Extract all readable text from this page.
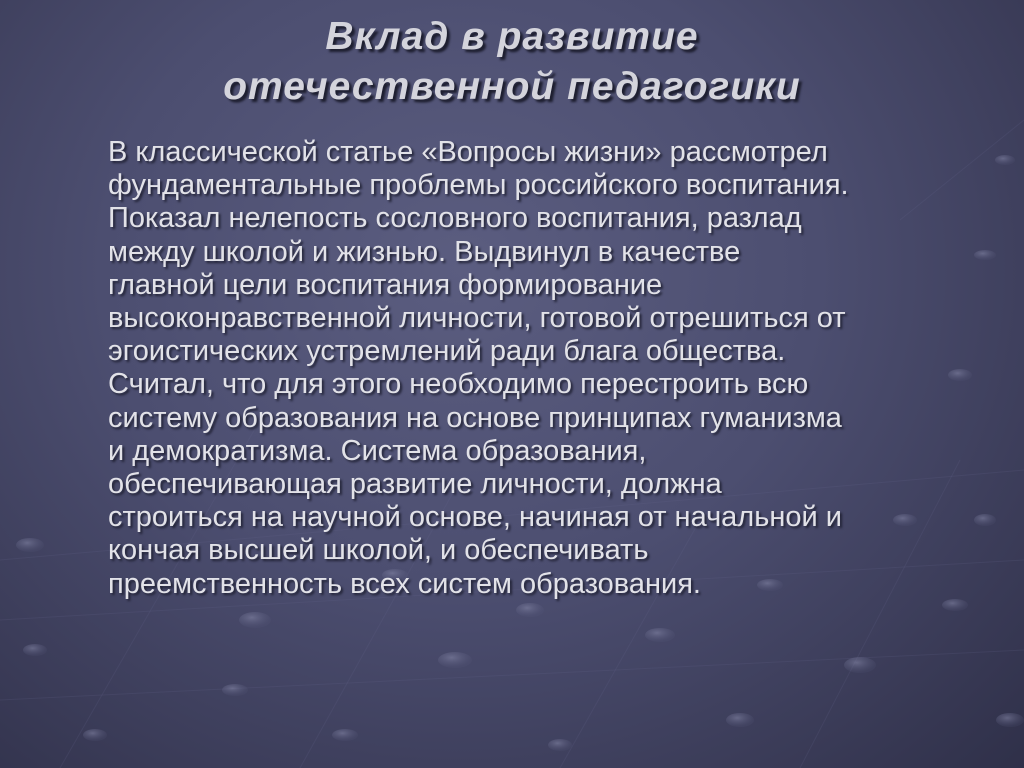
Вклад в развитие
отечественной педагогики
В классической статье «Вопросы жизни» рассмотрел
фундаментальные проблемы российского воспитания.
Показал нелепость сословного воспитания, разлад
между школой и жизнью. Выдвинул в качестве
главной цели воспитания формирование
высоконравственной личности, готовой отрешиться от
эгоистических устремлений ради блага общества.
Считал, что для этого необходимо перестроить всю
систему образования на основе принципах гуманизма
и демократизма. Система образования,
обеспечивающая развитие личности, должна
строиться на научной основе, начиная от начальной и
кончая высшей школой, и обеспечивать
преемственность всех систем образования.
